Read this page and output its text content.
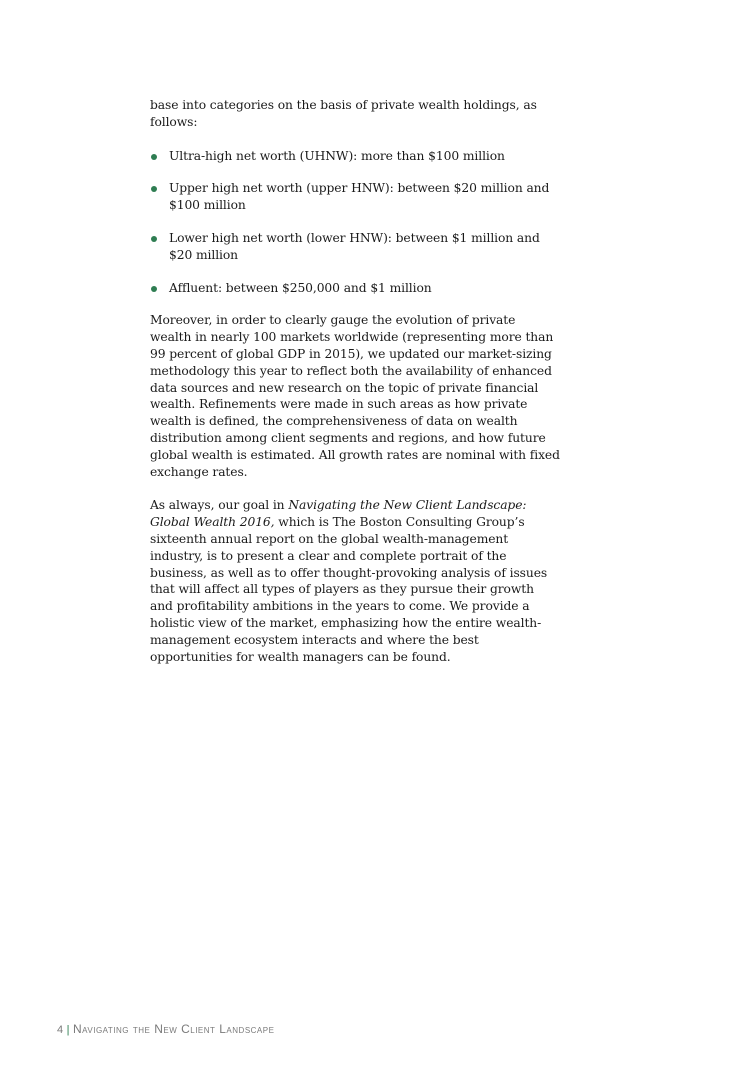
base into categories on the basis of private wealth holdings, as follows:

Ultra-high net worth (UHNW): more than $100 million
Upper high net worth (upper HNW): between $20 million and $100 million
Lower high net worth (lower HNW): between $1 million and $20 million
Affluent: between $250,000 and $1 million

Moreover, in order to clearly gauge the evolution of private wealth in nearly 100 markets worldwide (representing more than 99 percent of global GDP in 2015), we updated our market-sizing methodology this year to reflect both the availability of enhanced data sources and new research on the topic of private financial wealth. Refinements were made in such areas as how private wealth is defined, the comprehensiveness of data on wealth distribution among client segments and regions, and how future global wealth is estimated. All growth rates are nominal with fixed exchange rates.

As always, our goal in Navigating the New Client Landscape: Global Wealth 2016, which is The Boston Consulting Group’s sixteenth annual report on the global wealth-management industry, is to present a clear and complete portrait of the business, as well as to offer thought-provoking analysis of issues that will affect all types of players as they pursue their growth and profitability ambitions in the years to come. We provide a holistic view of the market, emphasizing how the entire wealth-management ecosystem interacts and where the best opportunities for wealth managers can be found.

4 | Navigating the New Client Landscape
